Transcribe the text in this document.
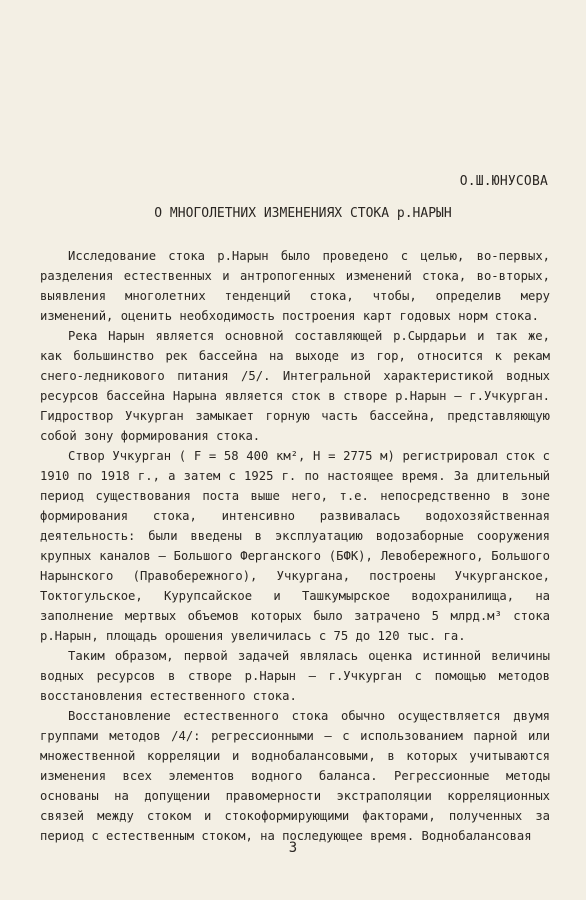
О.Ш.ЮНУСОВА
О МНОГОЛЕТНИХ ИЗМЕНЕНИЯХ СТОКА р.НАРЫН

Исследование стока р.Нарын было проведено с целью, во-первых, разделения естественных и антропогенных изменений стока, во-вторых, выявления многолетних тенденций стока, чтобы, определив меру изменений, оценить необходимость построения карт годовых норм стока.

Река Нарын является основной составляющей р.Сырдарьи и так же, как большинство рек бассейна на выходе из гор, относится к рекам снего-ледникового питания /5/. Интегральной характеристикой водных ресурсов бассейна Нарына является сток в створе р.Нарын – г.Учкурган. Гидроствор Учкурган замыкает горную часть бассейна, представляющую собой зону формирования стока.

Створ Учкурган ( F = 58 400 км², H = 2775 м) регистрировал сток с 1910 по 1918 г., а затем с 1925 г. по настоящее время. За длительный период существования поста выше него, т.е. непосредственно в зоне формирования стока, интенсивно развивалась водохозяйственная деятельность: были введены в эксплуатацию водозаборные сооружения крупных каналов – Большого Ферганского (БФК), Левобережного, Большого Нарынского (Правобережного), Учкургана, построены Учкурганское, Токтогульское, Курупсайское и Ташкумырское водохранилища, на заполнение мертвых объемов которых было затрачено 5 млрд.м³ стока р.Нарын, площадь орошения увеличилась с 75 до 120 тыс. га.

Таким образом, первой задачей являлась оценка истинной величины водных ресурсов в створе р.Нарын – г.Учкурган с помощью методов восстановления естественного стока.

Восстановление естественного стока обычно осуществляется двумя группами методов /4/: регрессионными – с использованием парной или множественной корреляции и воднобалансовыми, в которых учитываются изменения всех элементов водного баланса. Регрессионные методы основаны на допущении правомерности экстраполяции корреляционных связей между стоком и стокоформирующими факторами, полученных за период с естественным стоком, на последующее время. Воднобалансовая

3
